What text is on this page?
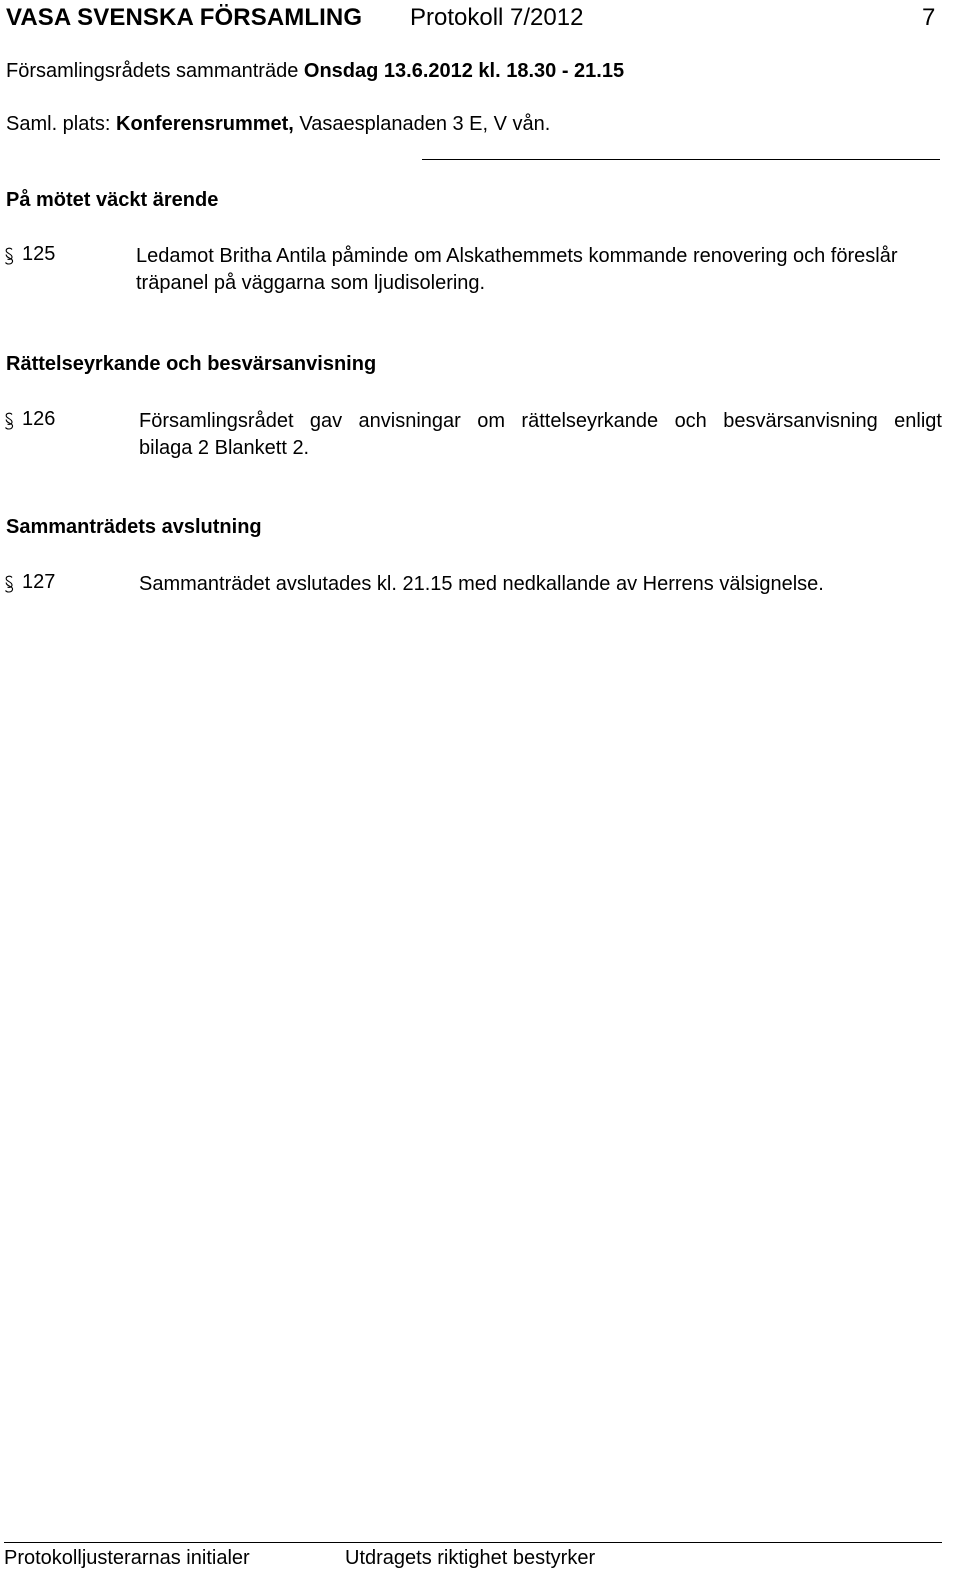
VASA SVENSKA FÖRSAMLING Protokoll 7/2012	7
Församlingsrådets sammanträde Onsdag 13.6.2012 kl. 18.30 - 21.15
Saml. plats: Konferensrummet, Vasaesplanaden 3 E, V vån.
På mötet väckt ärende
125	Ledamot Britha Antila påminde om Alskathemmets kommande renovering och föreslår
träpanel på väggarna som ljudisolering.
Rättelseyrkande och besvärsanvisning
126	Församlingsrådet gav anvisningar om rättelseyrkande och besvärsanvisning enligt
bilaga 2 Blankett 2.
Sammanträdets avslutning
127	Sammanträdet avslutades kl. 21.15 med nedkallande av Herrens välsignelse.
Protokolljusterarnas initialer	Utdragets riktighet bestyrker
